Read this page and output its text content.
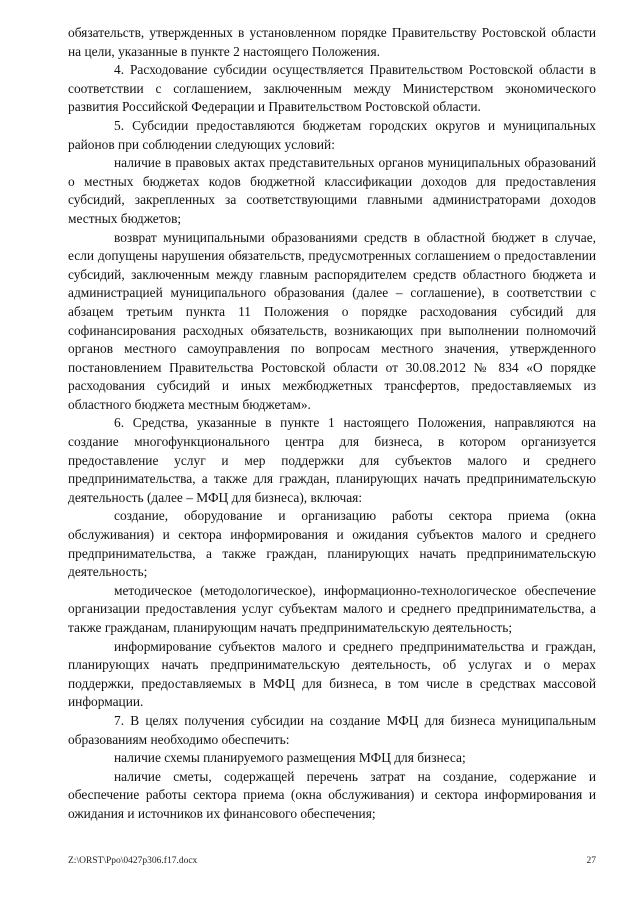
обязательств, утвержденных в установленном порядке Правительству Ростовской области на цели, указанные в пункте 2 настоящего Положения.

4. Расходование субсидии осуществляется Правительством Ростовской области в соответствии с соглашением, заключенным между Министерством экономического развития Российской Федерации и Правительством Ростовской области.

5. Субсидии предоставляются бюджетам городских округов и муниципальных районов при соблюдении следующих условий:

наличие в правовых актах представительных органов муниципальных образований о местных бюджетах кодов бюджетной классификации доходов для предоставления субсидий, закрепленных за соответствующими главными администраторами доходов местных бюджетов;

возврат муниципальными образованиями средств в областной бюджет в случае, если допущены нарушения обязательств, предусмотренных соглашением о предоставлении субсидий, заключенным между главным распорядителем средств областного бюджета и администрацией муниципального образования (далее – соглашение), в соответствии с абзацем третьим пункта 11 Положения о порядке расходования субсидий для софинансирования расходных обязательств, возникающих при выполнении полномочий органов местного самоуправления по вопросам местного значения, утвержденного постановлением Правительства Ростовской области от 30.08.2012 № 834 «О порядке расходования субсидий и иных межбюджетных трансфертов, предоставляемых из областного бюджета местным бюджетам».

6. Средства, указанные в пункте 1 настоящего Положения, направляются на создание многофункционального центра для бизнеса, в котором организуется предоставление услуг и мер поддержки для субъектов малого и среднего предпринимательства, а также для граждан, планирующих начать предпринимательскую деятельность (далее – МФЦ для бизнеса), включая:

создание, оборудование и организацию работы сектора приема (окна обслуживания) и сектора информирования и ожидания субъектов малого и среднего предпринимательства, а также граждан, планирующих начать предпринимательскую деятельность;

методическое (методологическое), информационно-технологическое обеспечение организации предоставления услуг субъектам малого и среднего предпринимательства, а также гражданам, планирующим начать предпринимательскую деятельность;

информирование субъектов малого и среднего предпринимательства и граждан, планирующих начать предпринимательскую деятельность, об услугах и о мерах поддержки, предоставляемых в МФЦ для бизнеса, в том числе в средствах массовой информации.

7. В целях получения субсидии на создание МФЦ для бизнеса муниципальным образованиям необходимо обеспечить:

наличие схемы планируемого размещения МФЦ для бизнеса;

наличие сметы, содержащей перечень затрат на создание, содержание и обеспечение работы сектора приема (окна обслуживания) и сектора информирования и ожидания и источников их финансового обеспечения;

Z:\ORST\Ppo\0427p306.f17.docx	27
